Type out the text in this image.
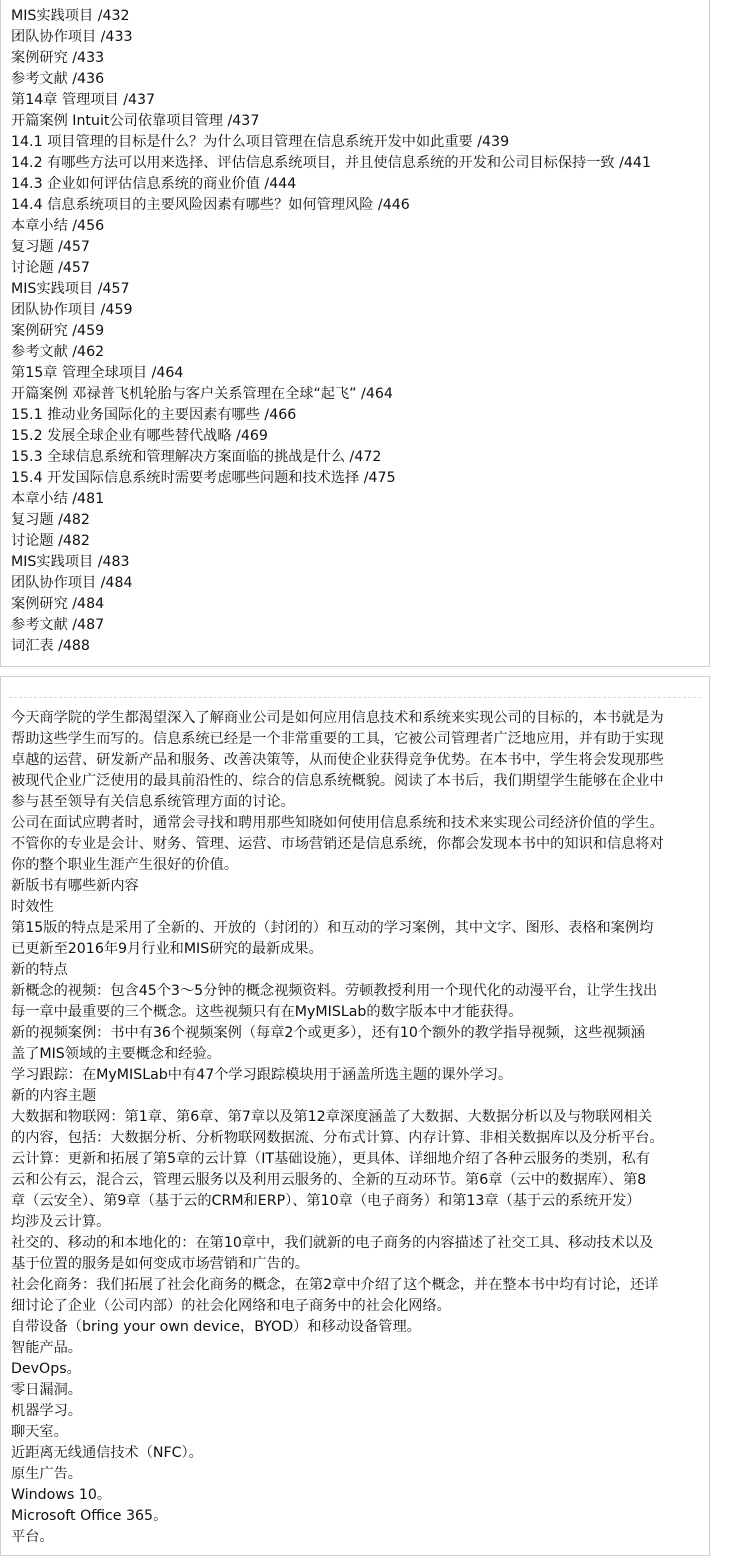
MIS实践项目 /432
团队协作项目 /433
案例研究 /433
参考文献 /436
第14章 管理项目 /437
开篇案例 Intuit公司依靠项目管理 /437
14.1 项目管理的目标是什么？为什么项目管理在信息系统开发中如此重要 /439
14.2 有哪些方法可以用来选择、评估信息系统项目，并且使信息系统的开发和公司目标保持一致 /441
14.3 企业如何评估信息系统的商业价值 /444
14.4 信息系统项目的主要风险因素有哪些？如何管理风险 /446
本章小结 /456
复习题 /457
讨论题 /457
MIS实践项目 /457
团队协作项目 /459
案例研究 /459
参考文献 /462
第15章 管理全球项目 /464
开篇案例 邓禄普飞机轮胎与客户关系管理在全球“起飞” /464
15.1 推动业务国际化的主要因素有哪些 /466
15.2 发展全球企业有哪些替代战略 /469
15.3 全球信息系统和管理解决方案面临的挑战是什么 /472
15.4 开发国际信息系统时需要考虑哪些问题和技术选择 /475
本章小结 /481
复习题 /482
讨论题 /482
MIS实践项目 /483
团队协作项目 /484
案例研究 /484
参考文献 /487
词汇表 /488
今天商学院的学生都渴望深入了解商业公司是如何应用信息技术和系统来实现公司的目标的，本书就是为
帮助这些学生而写的。信息系统已经是一个非常重要的工具，它被公司管理者广泛地应用，并有助于实现
卓越的运营、研发新产品和服务、改善决策等，从而使企业获得竞争优势。在本书中，学生将会发现那些
被现代企业广泛使用的最具前沿性的、综合的信息系统概貌。阅读了本书后，我们期望学生能够在企业中
参与甚至领导有关信息系统管理方面的讨论。
公司在面试应聘者时，通常会寻找和聘用那些知晓如何使用信息系统和技术来实现公司经济价值的学生。
不管你的专业是会计、财务、管理、运营、市场营销还是信息系统，你都会发现本书中的知识和信息将对
你的整个职业生涯产生很好的价值。
新版书有哪些新内容
时效性
第15版的特点是采用了全新的、开放的（封闭的）和互动的学习案例，其中文字、图形、表格和案例均
已更新至2016年9月行业和MIS研究的最新成果。
新的特点
新概念的视频：包含45个3～5分钟的概念视频资料。劳顿教授利用一个现代化的动漫平台，让学生找出
每一章中最重要的三个概念。这些视频只有在MyMISLab的数字版本中才能获得。
新的视频案例：书中有36个视频案例（每章2个或更多），还有10个额外的教学指导视频，这些视频涵
盖了MIS领域的主要概念和经验。
学习跟踪：在MyMISLab中有47个学习跟踪模块用于涵盖所选主题的课外学习。
新的内容主题
大数据和物联网：第1章、第6章、第7章以及第12章深度涵盖了大数据、大数据分析以及与物联网相关
的内容，包括：大数据分析、分析物联网数据流、分布式计算、内存计算、非相关数据库以及分析平台。
云计算：更新和拓展了第5章的云计算（IT基础设施），更具体、详细地介绍了各种云服务的类别，私有
云和公有云，混合云，管理云服务以及利用云服务的、全新的互动环节。第6章（云中的数据库）、第8
章（云安全）、第9章（基于云的CRM和ERP）、第10章（电子商务）和第13章（基于云的系统开发）
均涉及云计算。
社交的、移动的和本地化的：在第10章中，我们就新的电子商务的内容描述了社交工具、移动技术以及
基于位置的服务是如何变成市场营销和广告的。
社会化商务：我们拓展了社会化商务的概念，在第2章中介绍了这个概念，并在整本书中均有讨论，还详
细讨论了企业（公司内部）的社会化网络和电子商务中的社会化网络。
自带设备（bring your own device，BYOD）和移动设备管理。
智能产品。
DevOps。
零日漏洞。
机器学习。
聊天室。
近距离无线通信技术（NFC）。
原生广告。
Windows 10。
Microsoft Office 365。
平台。
